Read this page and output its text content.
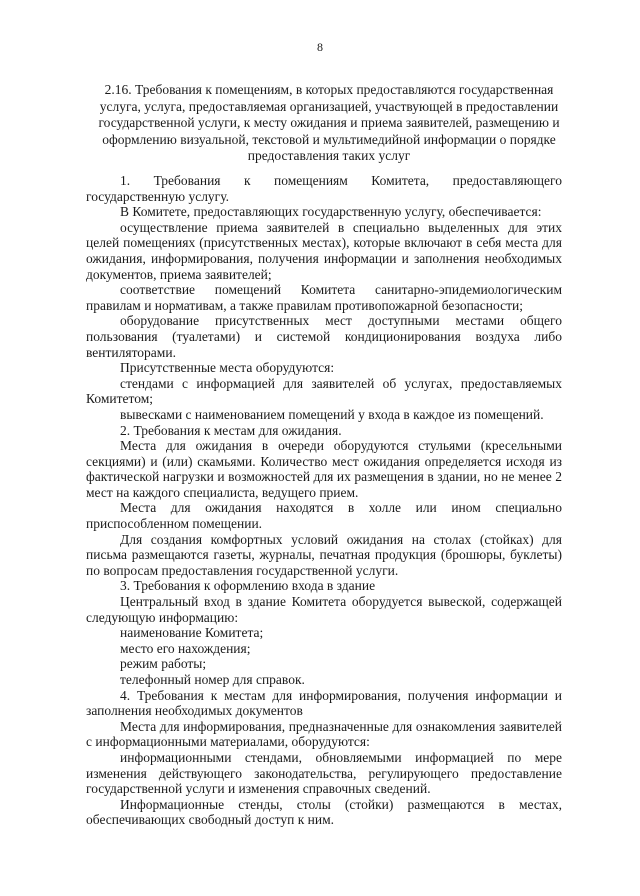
8
2.16. Требования к помещениям, в которых предоставляются государственная услуга, услуга, предоставляемая организацией, участвующей в предоставлении государственной услуги, к месту ожидания и приема заявителей, размещению и оформлению визуальной, текстовой и мультимедийной информации о порядке предоставления таких услуг

1. Требования к помещениям Комитета, предоставляющего государственную услугу.

В Комитете, предоставляющих государственную услугу, обеспечивается:

осуществление приема заявителей в специально выделенных для этих целей помещениях (присутственных местах), которые включают в себя места для ожидания, информирования, получения информации и заполнения необходимых документов, приема заявителей;

соответствие помещений Комитета санитарно-эпидемиологическим правилам и нормативам, а также правилам противопожарной безопасности;

оборудование присутственных мест доступными местами общего пользования (туалетами) и системой кондиционирования воздуха либо вентиляторами.

Присутственные места оборудуются:

стендами с информацией для заявителей об услугах, предоставляемых Комитетом;

вывесками с наименованием помещений у входа в каждое из помещений.

2. Требования к местам для ожидания.

Места для ожидания в очереди оборудуются стульями (кресельными секциями) и (или) скамьями. Количество мест ожидания определяется исходя из фактической нагрузки и возможностей для их размещения в здании, но не менее 2 мест на каждого специалиста, ведущего прием.

Места для ожидания находятся в холле или ином специально приспособленном помещении.

Для создания комфортных условий ожидания на столах (стойках) для письма размещаются газеты, журналы, печатная продукция (брошюры, буклеты) по вопросам предоставления государственной услуги.

3. Требования к оформлению входа в здание

Центральный вход в здание Комитета оборудуется вывеской, содержащей следующую информацию:

наименование Комитета;

место его нахождения;

режим работы;

телефонный номер для справок.

4. Требования к местам для информирования, получения информации и заполнения необходимых документов

Места для информирования, предназначенные для ознакомления заявителей с информационными материалами, оборудуются:

информационными стендами, обновляемыми информацией по мере изменения действующего законодательства, регулирующего предоставление государственной услуги и изменения справочных сведений.

Информационные стенды, столы (стойки) размещаются в местах, обеспечивающих свободный доступ к ним.
